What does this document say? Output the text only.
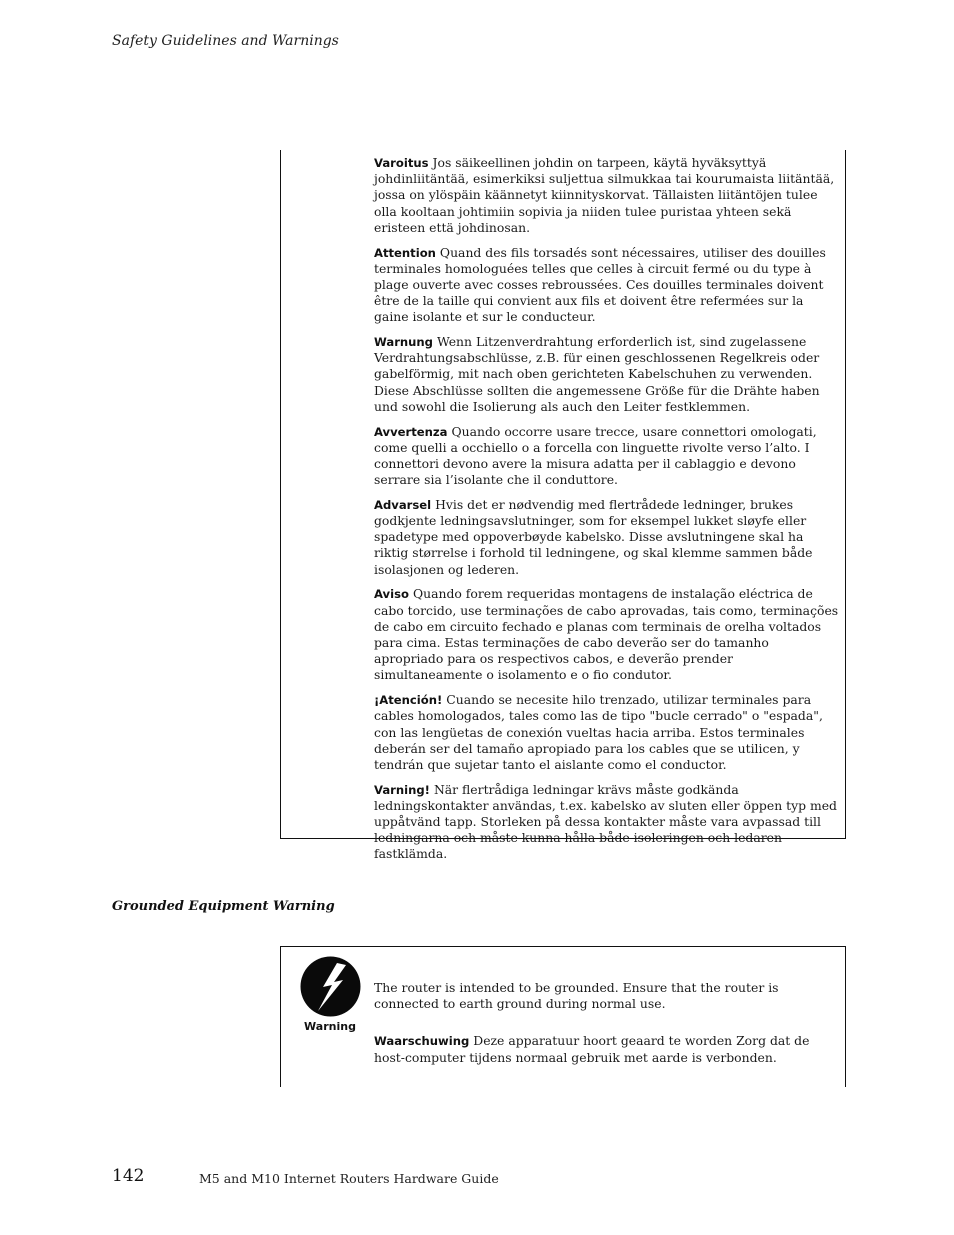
Safety Guidelines and Warnings

Varoitus Jos säikeellinen johdin on tarpeen, käytä hyväksyttyä johdinliitäntää, esimerkiksi suljettua silmukkaa tai kourumaista liitäntää, jossa on ylöspäin käännetyt kiinnityskorvat. Tällaisten liitäntöjen tulee olla kooltaan johtimiin sopivia ja niiden tulee puristaa yhteen sekä eristeen että johdinosan.

Attention Quand des fils torsadés sont nécessaires, utiliser des douilles terminales homologuées telles que celles à circuit fermé ou du type à plage ouverte avec cosses rebroussées. Ces douilles terminales doivent être de la taille qui convient aux fils et doivent être refermées sur la gaine isolante et sur le conducteur.

Warnung Wenn Litzenverdrahtung erforderlich ist, sind zugelassene Verdrahtungsabschlüsse, z.B. für einen geschlossenen Regelkreis oder gabelförmig, mit nach oben gerichteten Kabelschuhen zu verwenden. Diese Abschlüsse sollten die angemessene Größe für die Drähte haben und sowohl die Isolierung als auch den Leiter festklemmen.

Avvertenza Quando occorre usare trecce, usare connettori omologati, come quelli a occhiello o a forcella con linguette rivolte verso l’alto. I connettori devono avere la misura adatta per il cablaggio e devono serrare sia l’isolante che il conduttore.

Advarsel Hvis det er nødvendig med flertrådede ledninger, brukes godkjente ledningsavslutninger, som for eksempel lukket sløyfe eller spadetype med oppoverbøyde kabelsko. Disse avslutningene skal ha riktig størrelse i forhold til ledningene, og skal klemme sammen både isolasjonen og lederen.

Aviso Quando forem requeridas montagens de instalação eléctrica de cabo torcido, use terminações de cabo aprovadas, tais como, terminações de cabo em circuito fechado e planas com terminais de orelha voltados para cima. Estas terminações de cabo deverão ser do tamanho apropriado para os respectivos cabos, e deverão prender simultaneamente o isolamento e o fio condutor.

¡Atención! Cuando se necesite hilo trenzado, utilizar terminales para cables homologados, tales como las de tipo "bucle cerrado" o "espada", con las lengüetas de conexión vueltas hacia arriba. Estos terminales deberán ser del tamaño apropiado para los cables que se utilicen, y tendrán que sujetar tanto el aislante como el conductor.

Varning! När flertrådiga ledningar krävs måste godkända ledningskontakter användas, t.ex. kabelsko av sluten eller öppen typ med uppåtvänd tapp. Storleken på dessa kontakter måste vara avpassad till ledningarna och måste kunna hålla både isoleringen och ledaren fastklämda.

Grounded Equipment Warning
Warning

The router is intended to be grounded. Ensure that the router is connected to earth ground during normal use.

Waarschuwing Deze apparatuur hoort geaard te worden Zorg dat de host-computer tijdens normaal gebruik met aarde is verbonden.

142	M5 and M10 Internet Routers Hardware Guide
